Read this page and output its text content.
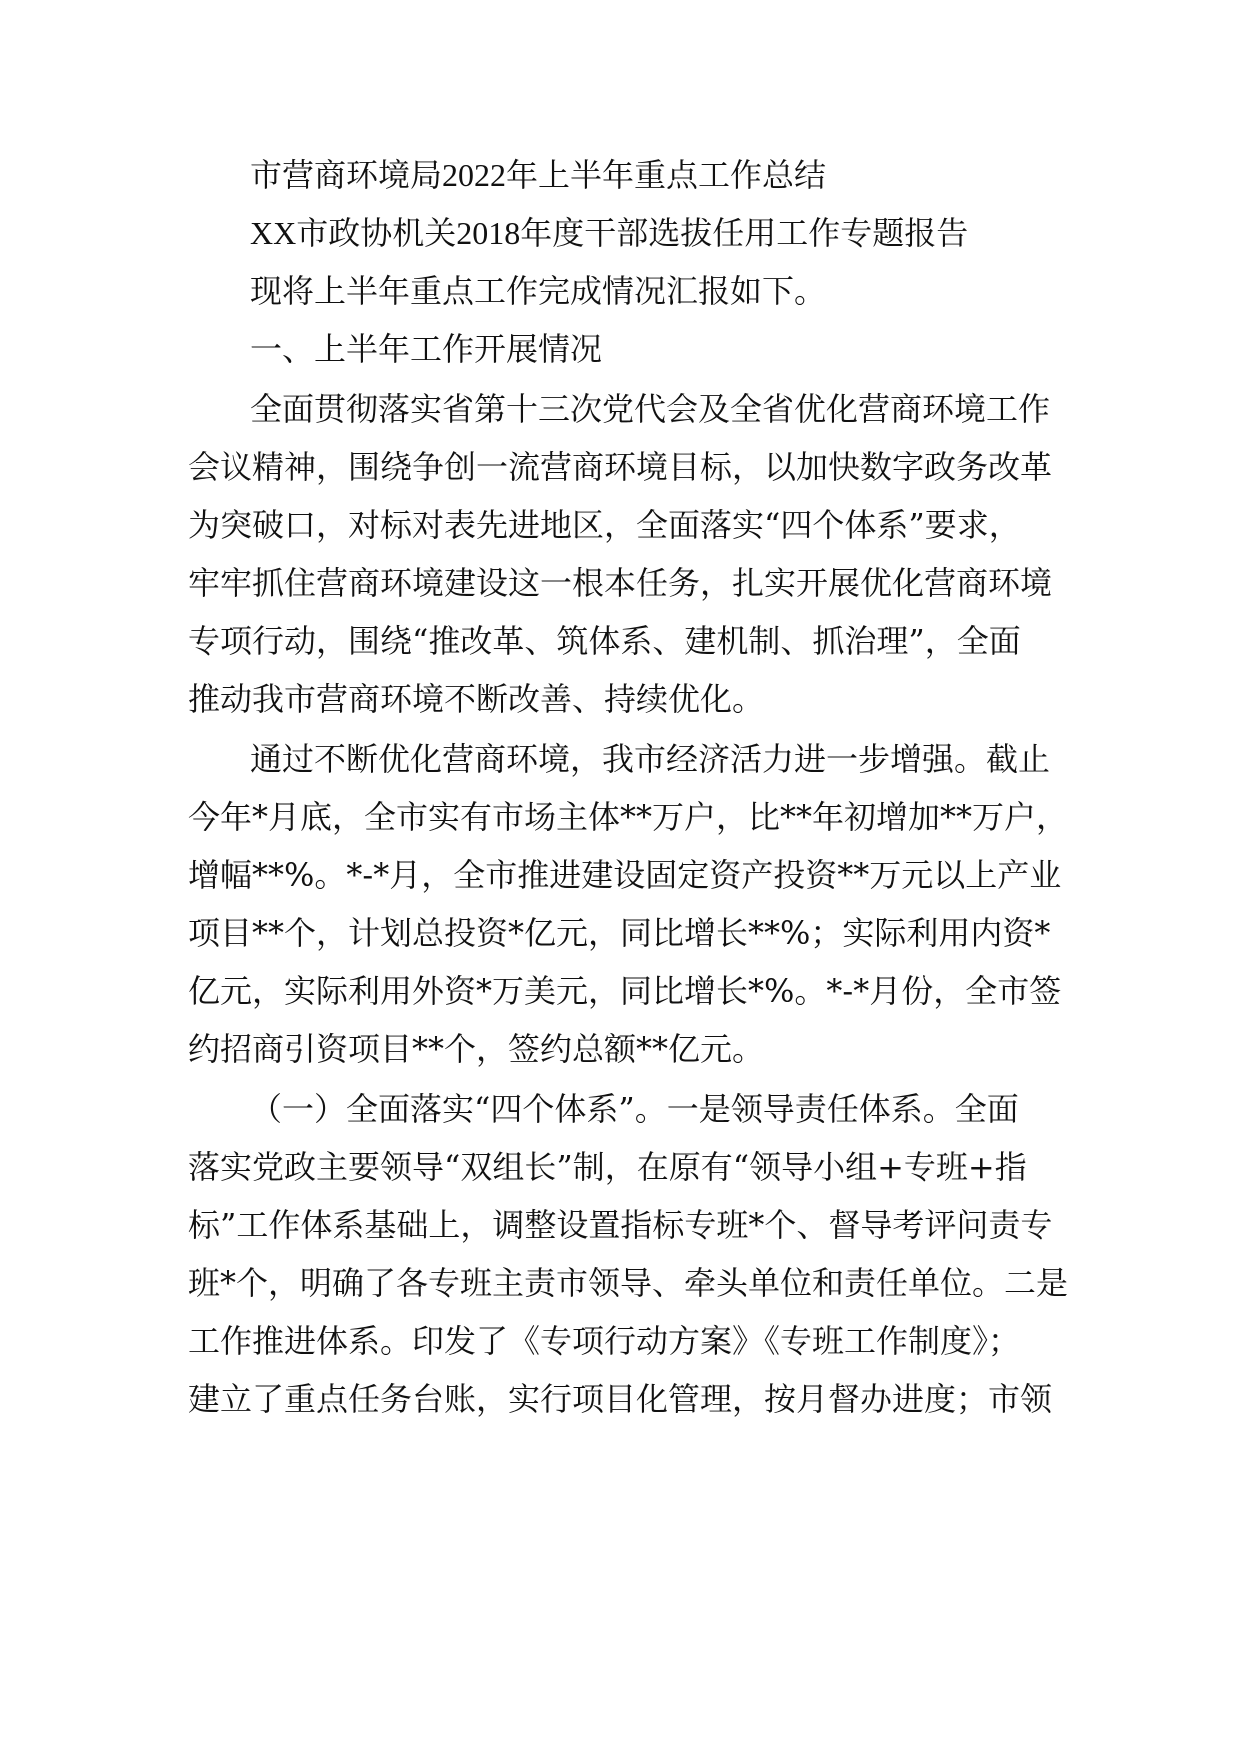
市营商环境局2022年上半年重点工作总结
XX市政协机关2018年度干部选拔任用工作专题报告
现将上半年重点工作完成情况汇报如下。
一、上半年工作开展情况
全面贯彻落实省第十三次党代会及全省优化营商环境工作
会议精神，围绕争创一流营商环境目标，以加快数字政务改革
为突破口，对标对表先进地区，全面落实“四个体系”要求，
牢牢抓住营商环境建设这一根本任务，扎实开展优化营商环境
专项行动，围绕“推改革、筑体系、建机制、抓治理”，全面
推动我市营商环境不断改善、持续优化。
通过不断优化营商环境，我市经济活力进一步增强。截止
今年*月底，全市实有市场主体**万户，比**年初增加**万户，
增幅**%。*-*月，全市推进建设固定资产投资**万元以上产业
项目**个，计划总投资*亿元，同比增长**%；实际利用内资*
亿元，实际利用外资*万美元，同比增长*%。*-*月份，全市签
约招商引资项目**个，签约总额**亿元。
（一）全面落实“四个体系”。一是领导责任体系。全面
落实党政主要领导“双组长”制，在原有“领导小组+专班+指
标”工作体系基础上，调整设置指标专班*个、督导考评问责专
班*个，明确了各专班主责市领导、牵头单位和责任单位。二是
工作推进体系。印发了《专项行动方案》《专班工作制度》；
建立了重点任务台账，实行项目化管理，按月督办进度；市领
